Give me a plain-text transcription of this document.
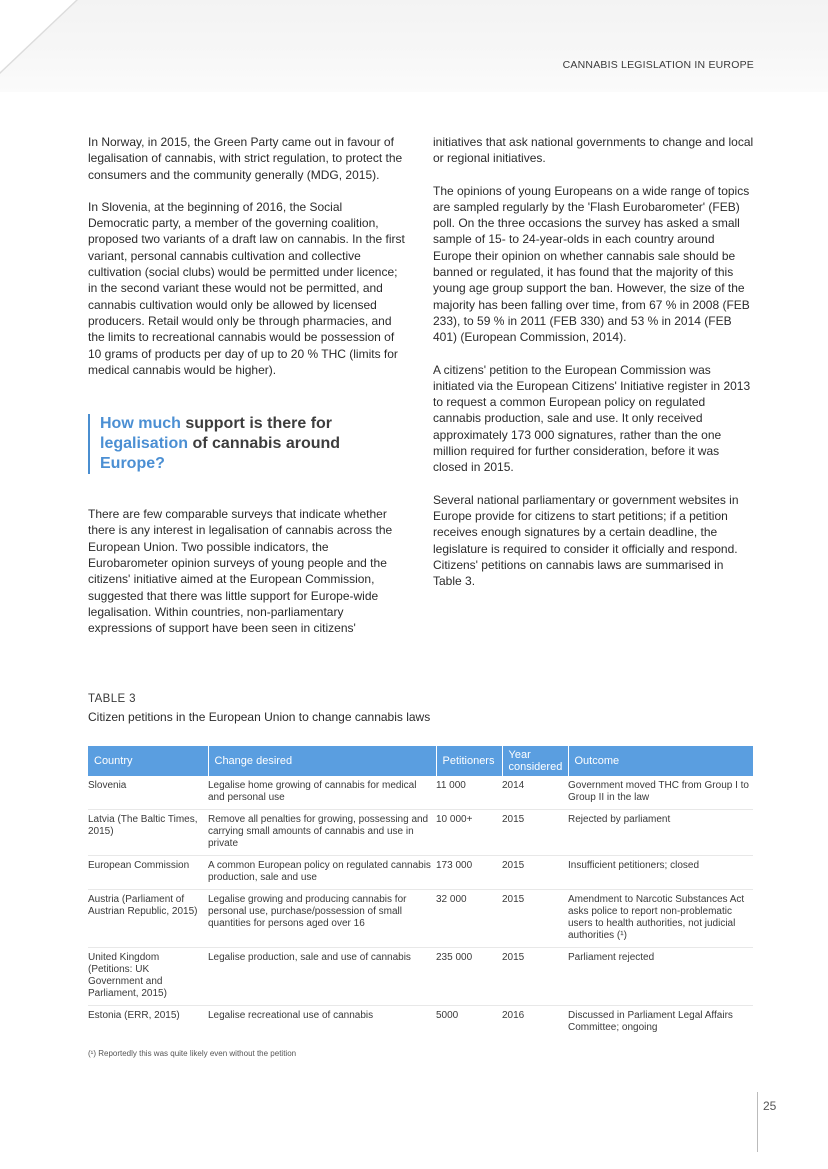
CANNABIS LEGISLATION IN EUROPE

In Norway, in 2015, the Green Party came out in favour of legalisation of cannabis, with strict regulation, to protect the consumers and the community generally (MDG, 2015).

In Slovenia, at the beginning of 2016, the Social Democratic party, a member of the governing coalition, proposed two variants of a draft law on cannabis. In the first variant, personal cannabis cultivation and collective cultivation (social clubs) would be permitted under licence; in the second variant these would not be permitted, and cannabis cultivation would only be allowed by licensed producers. Retail would only be through pharmacies, and the limits to recreational cannabis would be possession of 10 grams of products per day of up to 20 % THC (limits for medical cannabis would be higher).

How much support is there for
legalisation of cannabis around Europe?

There are few comparable surveys that indicate whether there is any interest in legalisation of cannabis across the European Union. Two possible indicators, the Eurobarometer opinion surveys of young people and the citizens' initiative aimed at the European Commission, suggested that there was little support for Europe-wide legalisation. Within countries, non-parliamentary expressions of support have been seen in citizens'

initiatives that ask national governments to change and local or regional initiatives.

The opinions of young Europeans on a wide range of topics are sampled regularly by the 'Flash Eurobarometer' (FEB) poll. On the three occasions the survey has asked a small sample of 15- to 24-year-olds in each country around Europe their opinion on whether cannabis sale should be banned or regulated, it has found that the majority of this young age group support the ban. However, the size of the majority has been falling over time, from 67 % in 2008 (FEB 233), to 59 % in 2011 (FEB 330) and 53 % in 2014 (FEB 401) (European Commission, 2014).

A citizens' petition to the European Commission was initiated via the European Citizens' Initiative register in 2013 to request a common European policy on regulated cannabis production, sale and use. It only received approximately 173 000 signatures, rather than the one million required for further consideration, before it was closed in 2015.

Several national parliamentary or government websites in Europe provide for citizens to start petitions; if a petition receives enough signatures by a certain deadline, the legislature is required to consider it officially and respond. Citizens' petitions on cannabis laws are summarised in Table 3.

TABLE 3
Citizen petitions in the European Union to change cannabis laws
Country	Change desired	Petitioners	Year considered	Outcome
Slovenia	Legalise home growing of cannabis for medical and personal use	11 000	2014	Government moved THC from Group I to Group II in the law
Latvia (The Baltic Times, 2015)	Remove all penalties for growing, possessing and carrying small amounts of cannabis and use in private	10 000+	2015	Rejected by parliament
European Commission	A common European policy on regulated cannabis production, sale and use	173 000	2015	Insufficient petitioners; closed
Austria (Parliament of Austrian Republic, 2015)	Legalise growing and producing cannabis for personal use, purchase/possession of small quantities for persons aged over 16	32 000	2015	Amendment to Narcotic Substances Act asks police to report non-problematic users to health authorities, not judicial authorities (¹)
United Kingdom (Petitions: UK Government and Parliament, 2015)	Legalise production, sale and use of cannabis	235 000	2015	Parliament rejected
Estonia (ERR, 2015)	Legalise recreational use of cannabis	5000	2016	Discussed in Parliament Legal Affairs Committee; ongoing
(¹) Reportedly this was quite likely even without the petition
25
